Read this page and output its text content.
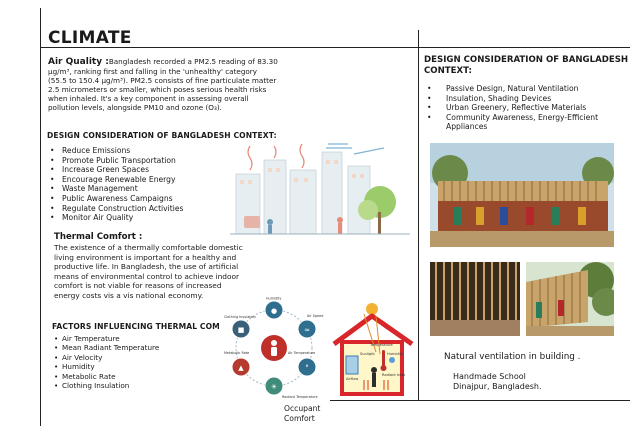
CLIMATE

Air Quality :Bangladesh recorded a PM2.5 reading of 83.30 μg/m³, ranking first and falling in the 'unhealthy' category (55.5 to 150.4 μg/m³). PM2.5 consists of fine particulate matter 2.5 micrometers or smaller, which poses serious health risks when inhaled. It's a key component in assessing overall pollution levels, alongside PM10 and ozone (O₃).

DESIGN CONSIDERATION OF BANGLADESH CONTEXT:

• Reduce Emissions
• Promote Public Transportation
• Increase Green Spaces
• Encourage Renewable Energy
• Waste Management
• Public Awareness Campaigns
• Regulate Construction Activities
• Monitor Air Quality

Thermal Comfort :

The existence of a thermally comfortable domestic living environment is important for a healthy and productive life. In Bangladesh, the use of artificial means of environmental control to achieve indoor comfort is not viable for reasons of increased energy costs vis a vis national economy.

FACTORS INFLUENCING THERMAL COM

• Air Temperature
• Mean Radiant Temperature
• Air Velocity
• Humidity
• Metabolic Rate
• Clothing Insulation
●
≈
°
☀
▲
■
Humidity
Air Speed
Air Temperature
Radiant Temperature
Metabolic Rate
Clothing Insulation
Occupant
Comfort
Temperature
Sunlight	Humidity
Radiant heat
Airflow

DESIGN CONSIDERATION OF BANGLADESH CONTEXT:

• Passive Design, Natural Ventilation
• Insulation, Shading Devices
• Urban Greenery, Reflective Materials
• Community Awareness, Energy-Efficient Appliances
Natural ventilation in building .
Handmade School
Dinajpur, Bangladesh.
